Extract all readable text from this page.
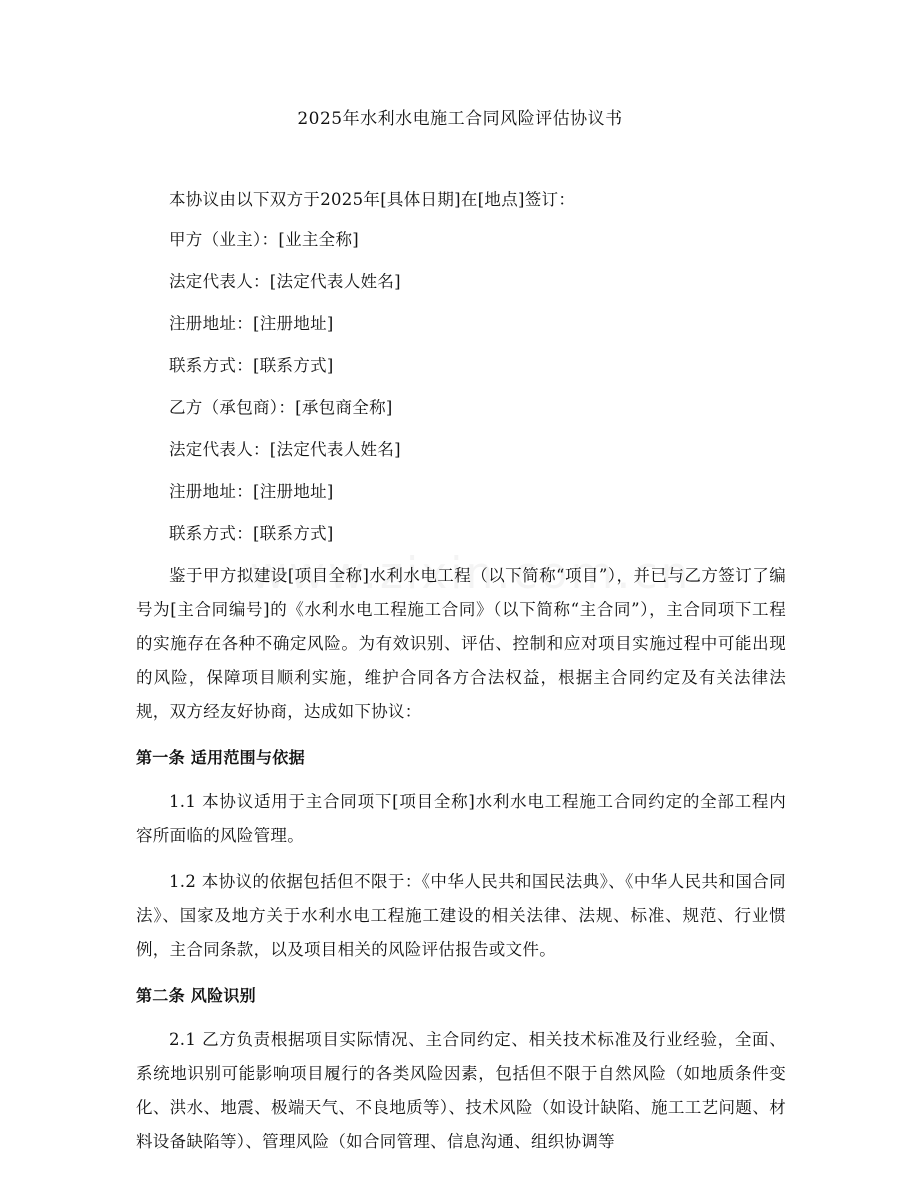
2025年水利水电施工合同风险评估协议书

本协议由以下双方于2025年[具体日期]在[地点]签订：

甲方（业主）：[业主全称]
法定代表人：[法定代表人姓名]
注册地址：[注册地址]
联系方式：[联系方式]
乙方（承包商）：[承包商全称]
法定代表人：[法定代表人姓名]
注册地址：[注册地址]
联系方式：[联系方式]

鉴于甲方拟建设[项目全称]水利水电工程（以下简称“项目”），并已与乙方签订了编号为[主合同编号]的《水利水电工程施工合同》（以下简称“主合同”），主合同项下工程的实施存在各种不确定风险。为有效识别、评估、控制和应对项目实施过程中可能出现的风险，保障项目顺利实施，维护合同各方合法权益，根据主合同约定及有关法律法规，双方经友好协商，达成如下协议：

第一条 适用范围与依据

1.1 本协议适用于主合同项下[项目全称]水利水电工程施工合同约定的全部工程内容所面临的风险管理。

1.2 本协议的依据包括但不限于：《中华人民共和国民法典》、《中华人民共和国合同法》、国家及地方关于水利水电工程施工建设的相关法律、法规、标准、规范、行业惯例，主合同条款，以及项目相关的风险评估报告或文件。

第二条 风险识别

2.1 乙方负责根据项目实际情况、主合同约定、相关技术标准及行业经验，全面、系统地识别可能影响项目履行的各类风险因素，包括但不限于自然风险（如地质条件变化、洪水、地震、极端天气、不良地质等）、技术风险（如设计缺陷、施工工艺问题、材料设备缺陷等）、管理风险（如合同管理、信息沟通、组织协调等
